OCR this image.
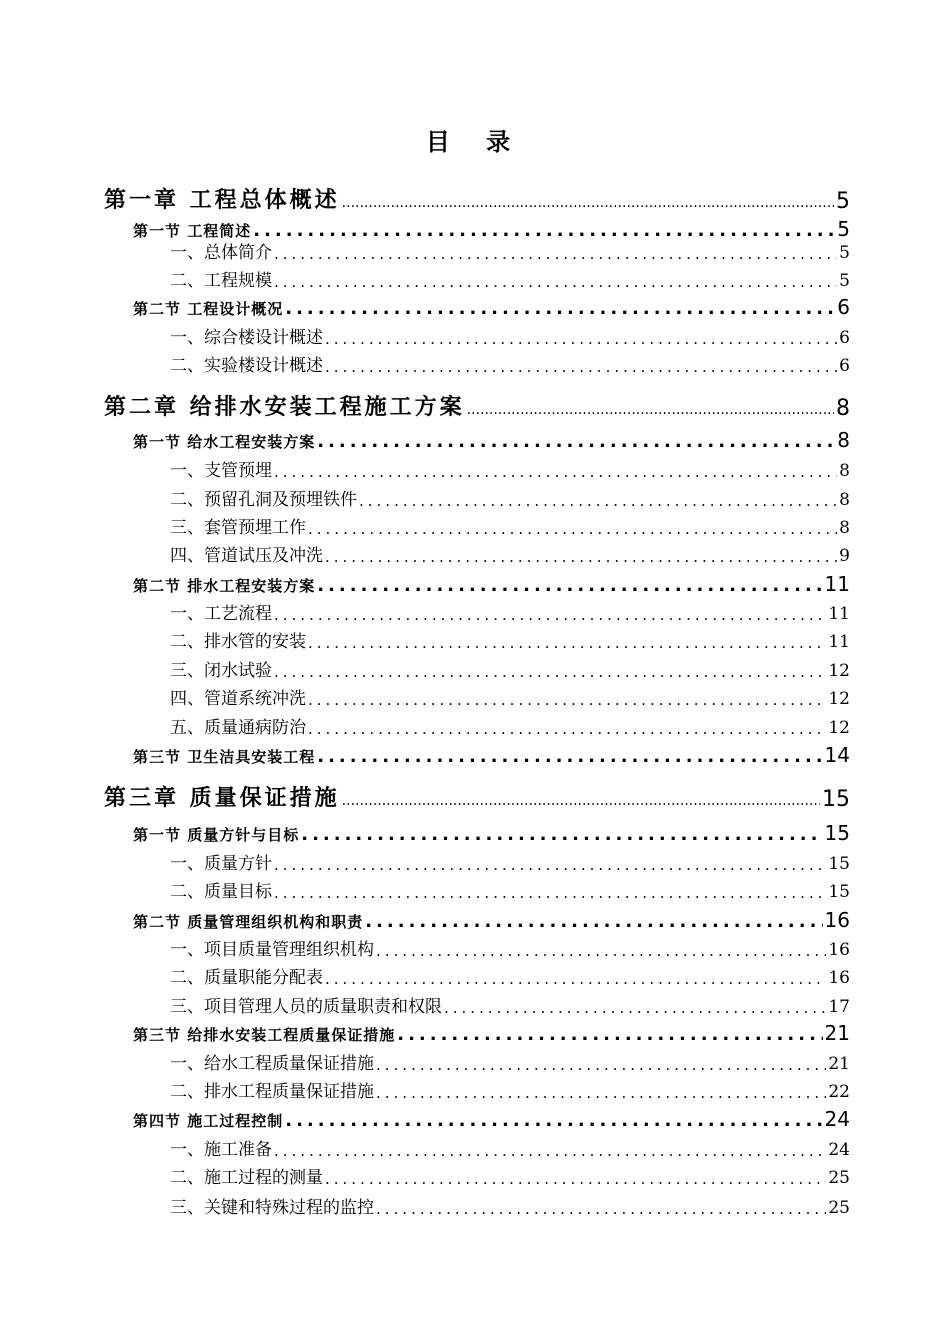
目 录
第一章 工程总体概述 .....	5
第一节 工程简述 .....	5
一、总体简介 .....	5
二、工程规模 .....	5
第二节 工程设计概况 .....	6
一、综合楼设计概述 .....	6
二、实验楼设计概述 .....	6
第二章 给排水安装工程施工方案 .....	8
第一节 给水工程安装方案 .....	8
一、支管预埋 .....	8
二、预留孔洞及预埋铁件 .....	8
三、套管预埋工作 .....	8
四、管道试压及冲洗 .....	9
第二节 排水工程安装方案 .....	11
一、工艺流程 .....	11
二、排水管的安装 .....	11
三、闭水试验 .....	12
四、管道系统冲洗 .....	12
五、质量通病防治 .....	12
第三节 卫生洁具安装工程 .....	14
第三章 质量保证措施 .....	15
第一节 质量方针与目标 .....	15
一、质量方针 .....	15
二、质量目标 .....	15
第二节 质量管理组织机构和职责 .....	16
一、项目质量管理组织机构 .....	16
二、质量职能分配表 .....	16
三、项目管理人员的质量职责和权限 .....	17
第三节 给排水安装工程质量保证措施 .....	21
一、给水工程质量保证措施 .....	21
二、排水工程质量保证措施 .....	22
第四节 施工过程控制 .....	24
一、施工准备 .....	24
二、施工过程的测量 .....	25
三、关键和特殊过程的监控 .....	25
